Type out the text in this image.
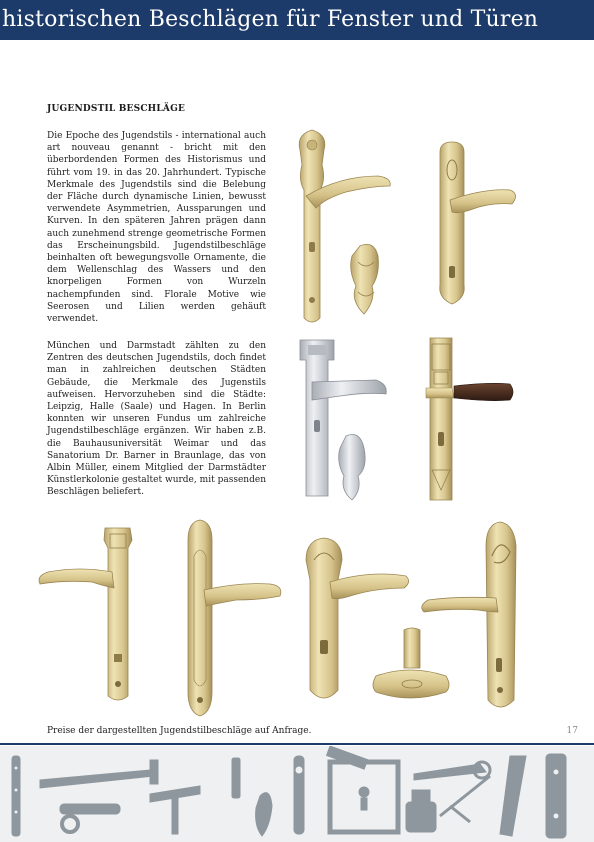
historischen Beschlägen für Fenster und Türen
JUGENDSTIL BESCHLÄGE
Die Epoche des Jugendstils - international auch art nouveau genannt - bricht mit den überbordenden Formen des Historismus und führt vom 19. in das 20. Jahrhundert. Typische Merkmale des Jugendstils sind die Belebung der Fläche durch dynamische Linien, bewusst verwendete Asymmetrien, Aussparungen und Kurven. In den späteren Jahren prägen dann auch zunehmend strenge geometrische Formen das Erscheinungsbild. Jugendstilbeschläge beinhalten oft bewegungsvolle Ornamente, die dem Wellenschlag des Wassers und den knorpeligen Formen von Wurzeln nachempfunden sind. Florale Motive wie Seerosen und Lilien werden gehäuft verwendet.
München und Darmstadt zählten zu den Zentren des deutschen Jugendstils, doch findet man in zahlreichen deutschen Städten Gebäude, die Merkmale des Jugenstils aufweisen. Hervorzuheben sind die Städte: Leipzig, Halle (Saale) und Hagen. In Berlin konnten wir unseren Fundus um zahlreiche Jugendstilbeschläge ergänzen. Wir haben z.B. die Bauhausuniversität Weimar und das Sanatorium Dr. Barner in Braunlage, das von Albin Müller, einem Mitglied der Darmstädter Künstlerkolonie gestaltet wurde, mit passenden Beschlägen beliefert.
Preise der dargestellten Jugendstilbeschläge auf Anfrage.	17
